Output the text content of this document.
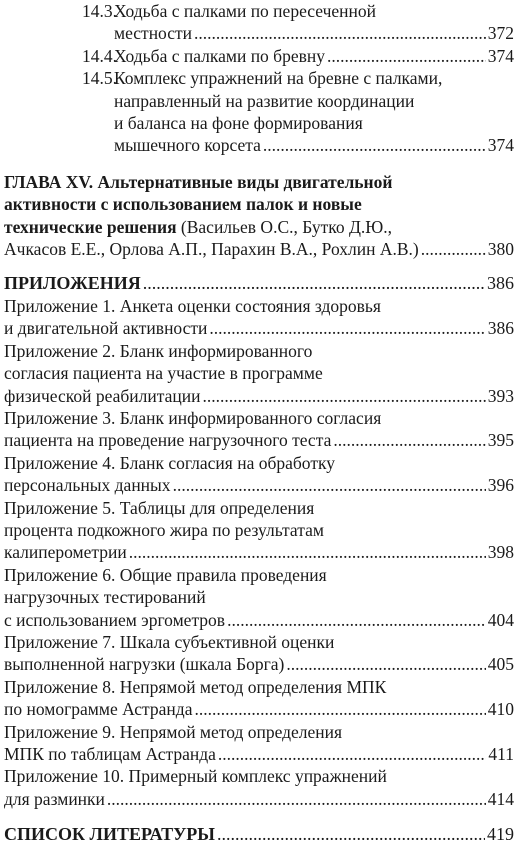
14.3.
Ходьба с палками по пересеченной
местности .....	372
14.4.
Ходьба с палками по бревну .....	374
14.5.
Комплекс упражнений на бревне с палками,
направленный на развитие координации
и баланса на фоне формирования
мышечного корсета .....	374
ГЛАВА XV. Альтернативные виды двигательной
активности с использованием палок и новые
технические решения (Васильев О.С., Бутко Д.Ю.,
Ачкасов Е.Е., Орлова А.П., Парахин В.А., Рохлин А.В.) .....	380
ПРИЛОЖЕНИЯ .....	386
Приложение 1. Анкета оценки состояния здоровья
и двигательной активности .....	386
Приложение 2. Бланк информированного
согласия пациента на участие в программе
физической реабилитации .....	393
Приложение 3. Бланк информированного согласия
пациента на проведение нагрузочного теста .....	395
Приложение 4. Бланк согласия на обработку
персональных данных .....	396
Приложение 5. Таблицы для определения
процента подкожного жира по результатам
калиперометрии .....	398
Приложение 6. Общие правила проведения
нагрузочных тестирований
с использованием эргометров .....	404
Приложение 7. Шкала субъективной оценки
выполненной нагрузки (шкала Борга) .....	405
Приложение 8. Непрямой метод определения МПК
по номограмме Астранда .....	410
Приложение 9. Непрямой метод определения
МПК по таблицам Астранда .....	411
Приложение 10. Примерный комплекс упражнений
для разминки .....	414
СПИСОК ЛИТЕРАТУРЫ .....	419
